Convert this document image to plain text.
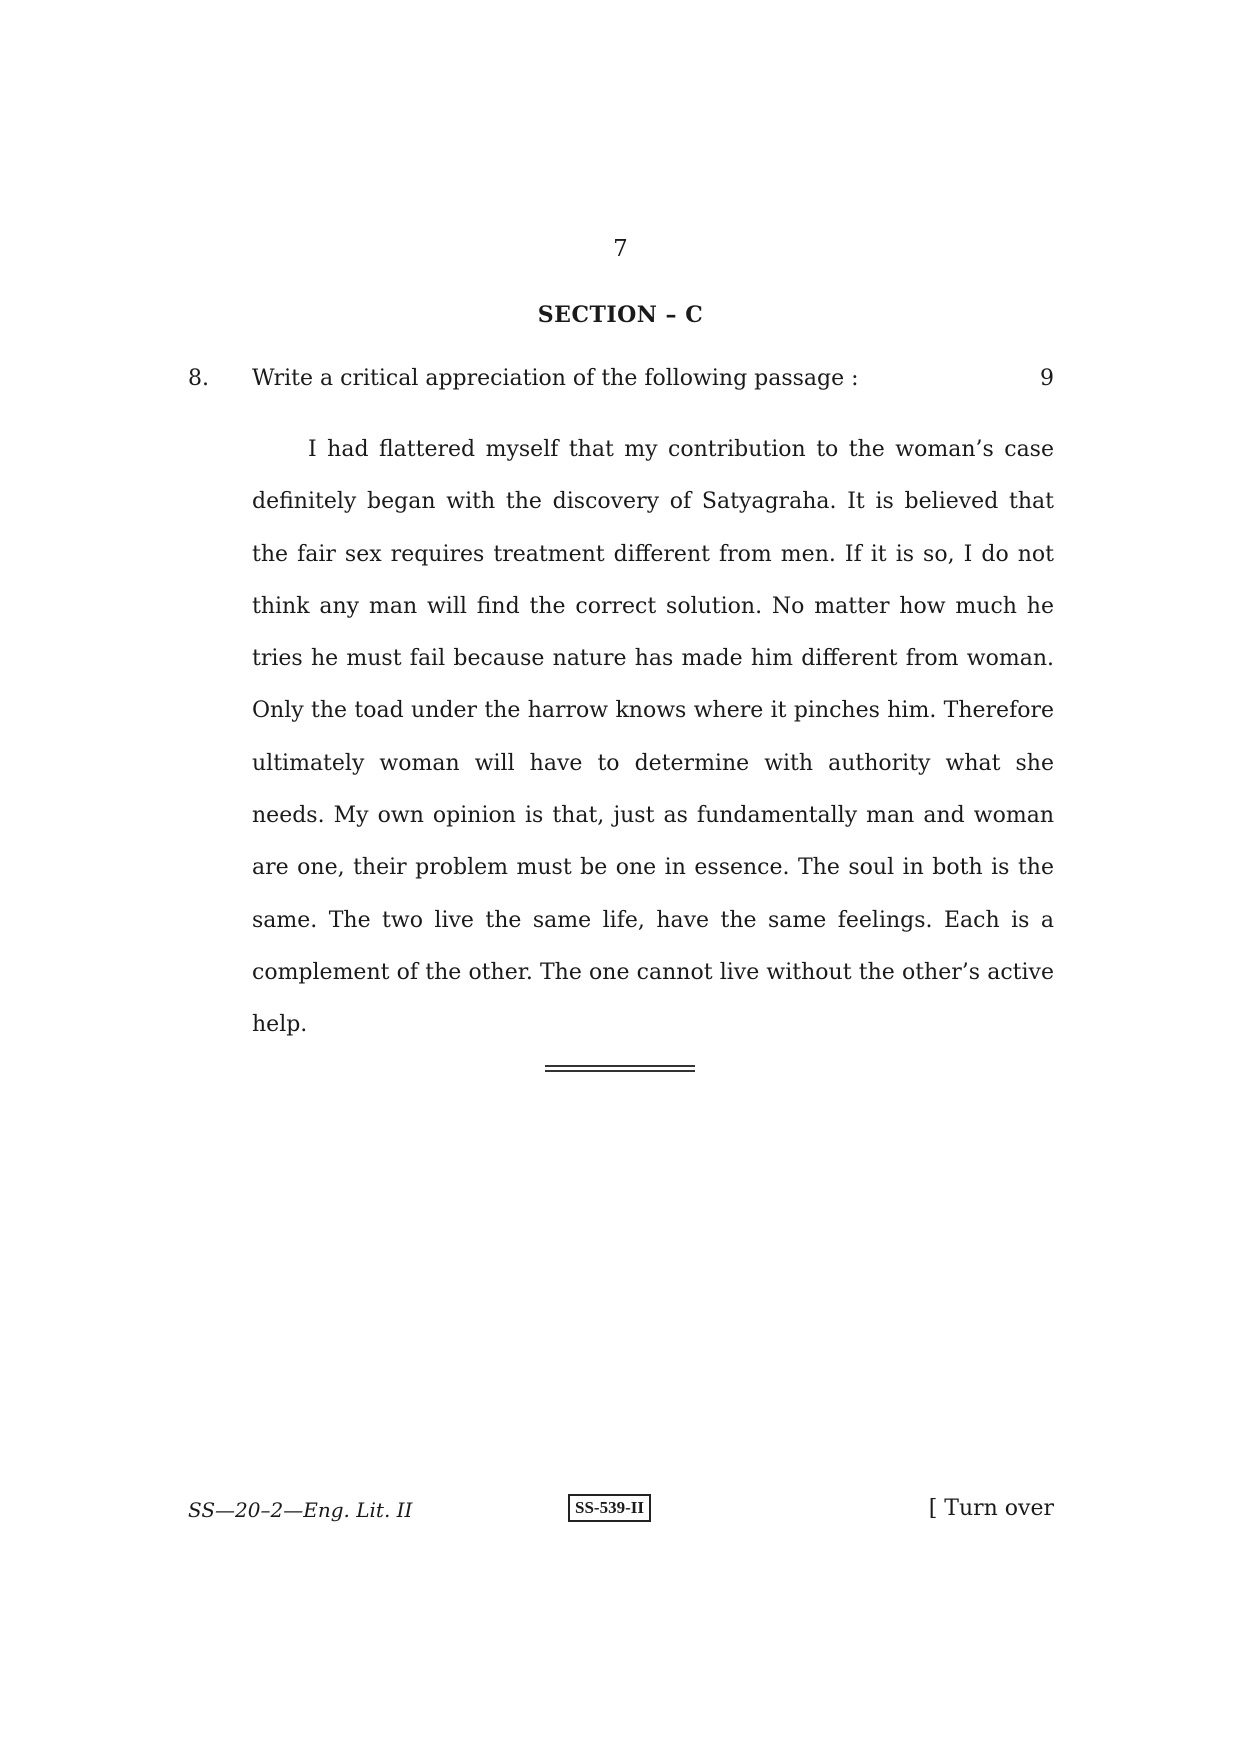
7
SECTION – C
8. Write a critical appreciation of the following passage :	9

I had flattered myself that my contribution to the woman’s case definitely began with the discovery of Satyagraha. It is believed that the fair sex requires treatment different from men. If it is so, I do not think any man will find the correct solution. No matter how much he tries he must fail because nature has made him different from woman. Only the toad under the harrow knows where it pinches him. Therefore ultimately woman will have to determine with authority what she needs. My own opinion is that, just as fundamentally man and woman are one, their problem must be one in essence. The soul in both is the same. The two live the same life, have the same feelings. Each is a complement of the other. The one cannot live without the other’s active help.

SS—20–2—Eng. Lit. II	SS-539-II	[ Turn over
